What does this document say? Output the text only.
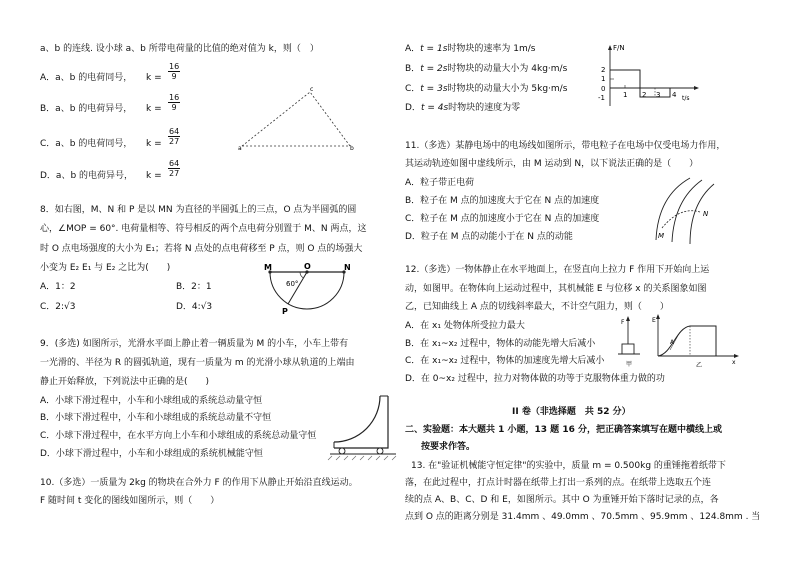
a、b 的连线. 设小球 a、b 所带电荷量的比值的绝对值为 k，则（　）
A．a、b 的电荷同号， $k = \frac{16}{9}$
B．a、b 的电荷异号， $k = \frac{16}{9}$
C．a、b 的电荷同号， $k = \frac{64}{27}$
D．a、b 的电荷异号， $k = \frac{64}{27}$
c
a	b
8．如右图，M、N 和 P 是以 MN 为直径的半圆弧上的三点，O 点为半圆弧的圆
心，∠MOP = 60°. 电荷量相等、符号相反的两个点电荷分别置于 M、N 两点，这
时 O 点电场强度的大小为 E₁；若将 N 点处的点电荷移至 P 点，则 O 点的场强大
小变为 E₂ E₁ 与 E₂ 之比为(　　)
A．1：2	B．2：1
C．2:√3	D．4:√3
M	O	N
60°
P
9．(多选) 如图所示，光滑水平面上静止着一辆质量为 M 的小车，小车上带有
一光滑的、半径为 R 的圆弧轨道，现有一质量为 m 的光滑小球从轨道的上端由
静止开始释放，下列说法中正确的是(　　)
A．小球下滑过程中，小车和小球组成的系统总动量守恒
B．小球下滑过程中，小车和小球组成的系统总动量不守恒
C．小球下滑过程中，在水平方向上小车和小球组成的系统总动量守恒
D．小球下滑过程中，小车和小球组成的系统机械能守恒
10.（多选）一质量为 2kg 的物块在合外力 F 的作用下从静止开始沿直线运动。
F 随时间 t 变化的图线如图所示，则（　　）
A．t = 1s时物块的速率为 1m/s
B．t = 2s时物块的动量大小为 4kg·m/s
C．t = 3s时物块的动量大小为 5kg·m/s
D．t = 4s时物块的速度为零
F/N
t/s
2
1
0
-1	1 2 3 4
11.（多选）某静电场中的电场线如图所示，带电粒子在电场中仅受电场力作用，
其运动轨迹如图中虚线所示，由 M 运动到 N，以下说法正确的是（　　）
A．粒子带正电荷
B．粒子在 M 点的加速度大于它在 N 点的加速度
C．粒子在 M 点的加速度小于它在 N 点的加速度
D．粒子在 M 点的动能小于在 N 点的动能	M
N
12.（多选）一物体静止在水平地面上，在竖直向上拉力 F 作用下开始向上运
动，如图甲。在物体向上运动过程中，其机械能 E 与位移 x 的关系图象如图
乙，已知曲线上 A 点的切线斜率最大，不计空气阻力，则（　　）
A．在 x₁ 处物体所受拉力最大
B．在 x₁~x₂ 过程中，物体的动能先增大后减小
C．在 x₁~x₂ 过程中，物体的加速度先增大后减小
D．在 0~x₂ 过程中，拉力对物体做的功等于克服物体重力做的功
F
甲
E
A
x
乙
II 卷（非选择题　共 52 分）
二、实验题：本大题共 1 小题，13 题 16 分，把正确答案填写在题中横线上或
按要求作答。
13. 在"验证机械能守恒定律"的实验中，质量 m = 0.500kg 的重锤拖着纸带下
落，在此过程中，打点计时器在纸带上打出一系列的点。在纸带上选取五个连
续的点 A、B、C、D 和 E，如图所示。其中 O 为重锤开始下落时记录的点，各
点到 O 点的距离分别是 31.4mm 、49.0mm 、70.5mm 、95.9mm 、124.8mm . 当
